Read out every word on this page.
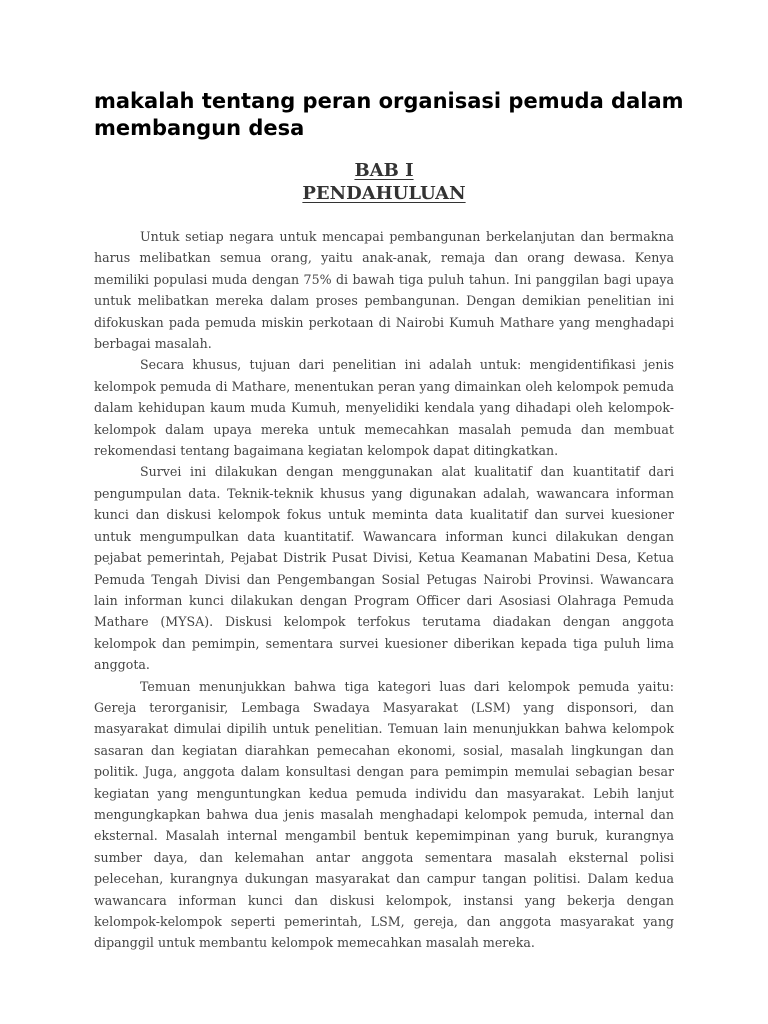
makalah tentang peran organisasi pemuda dalam membangun desa
BAB I
PENDAHULUAN

Untuk setiap negara untuk mencapai pembangunan berkelanjutan dan bermakna harus melibatkan semua orang, yaitu anak-anak, remaja dan orang dewasa. Kenya memiliki populasi muda dengan 75% di bawah tiga puluh tahun. Ini panggilan bagi upaya untuk melibatkan mereka dalam proses pembangunan. Dengan demikian penelitian ini difokuskan pada pemuda miskin perkotaan di Nairobi Kumuh Mathare yang menghadapi berbagai masalah.

Secara khusus, tujuan dari penelitian ini adalah untuk: mengidentifikasi jenis kelompok pemuda di Mathare, menentukan peran yang dimainkan oleh kelompok pemuda dalam kehidupan kaum muda Kumuh, menyelidiki kendala yang dihadapi oleh kelompok-kelompok dalam upaya mereka untuk memecahkan masalah pemuda dan membuat rekomendasi tentang bagaimana kegiatan kelompok dapat ditingkatkan.

Survei ini dilakukan dengan menggunakan alat kualitatif dan kuantitatif dari pengumpulan data. Teknik-teknik khusus yang digunakan adalah, wawancara informan kunci dan diskusi kelompok fokus untuk meminta data kualitatif dan survei kuesioner untuk mengumpulkan data kuantitatif. Wawancara informan kunci dilakukan dengan pejabat pemerintah, Pejabat Distrik Pusat Divisi, Ketua Keamanan Mabatini Desa, Ketua Pemuda Tengah Divisi dan Pengembangan Sosial Petugas Nairobi Provinsi. Wawancara lain informan kunci dilakukan dengan Program Officer dari Asosiasi Olahraga Pemuda Mathare (MYSA). Diskusi kelompok terfokus terutama diadakan dengan anggota kelompok dan pemimpin, sementara survei kuesioner diberikan kepada tiga puluh lima anggota.

Temuan menunjukkan bahwa tiga kategori luas dari kelompok pemuda yaitu: Gereja terorganisir, Lembaga Swadaya Masyarakat (LSM) yang disponsori, dan masyarakat dimulai dipilih untuk penelitian. Temuan lain menunjukkan bahwa kelompok sasaran dan kegiatan diarahkan pemecahan ekonomi, sosial, masalah lingkungan dan politik. Juga, anggota dalam konsultasi dengan para pemimpin memulai sebagian besar kegiatan yang menguntungkan kedua pemuda individu dan masyarakat. Lebih lanjut mengungkapkan bahwa dua jenis masalah menghadapi kelompok pemuda, internal dan eksternal. Masalah internal mengambil bentuk kepemimpinan yang buruk, kurangnya sumber daya, dan kelemahan antar anggota sementara masalah eksternal polisi pelecehan, kurangnya dukungan masyarakat dan campur tangan politisi. Dalam kedua wawancara informan kunci dan diskusi kelompok, instansi yang bekerja dengan kelompok-kelompok seperti pemerintah, LSM, gereja, dan anggota masyarakat yang dipanggil untuk membantu kelompok memecahkan masalah mereka.
